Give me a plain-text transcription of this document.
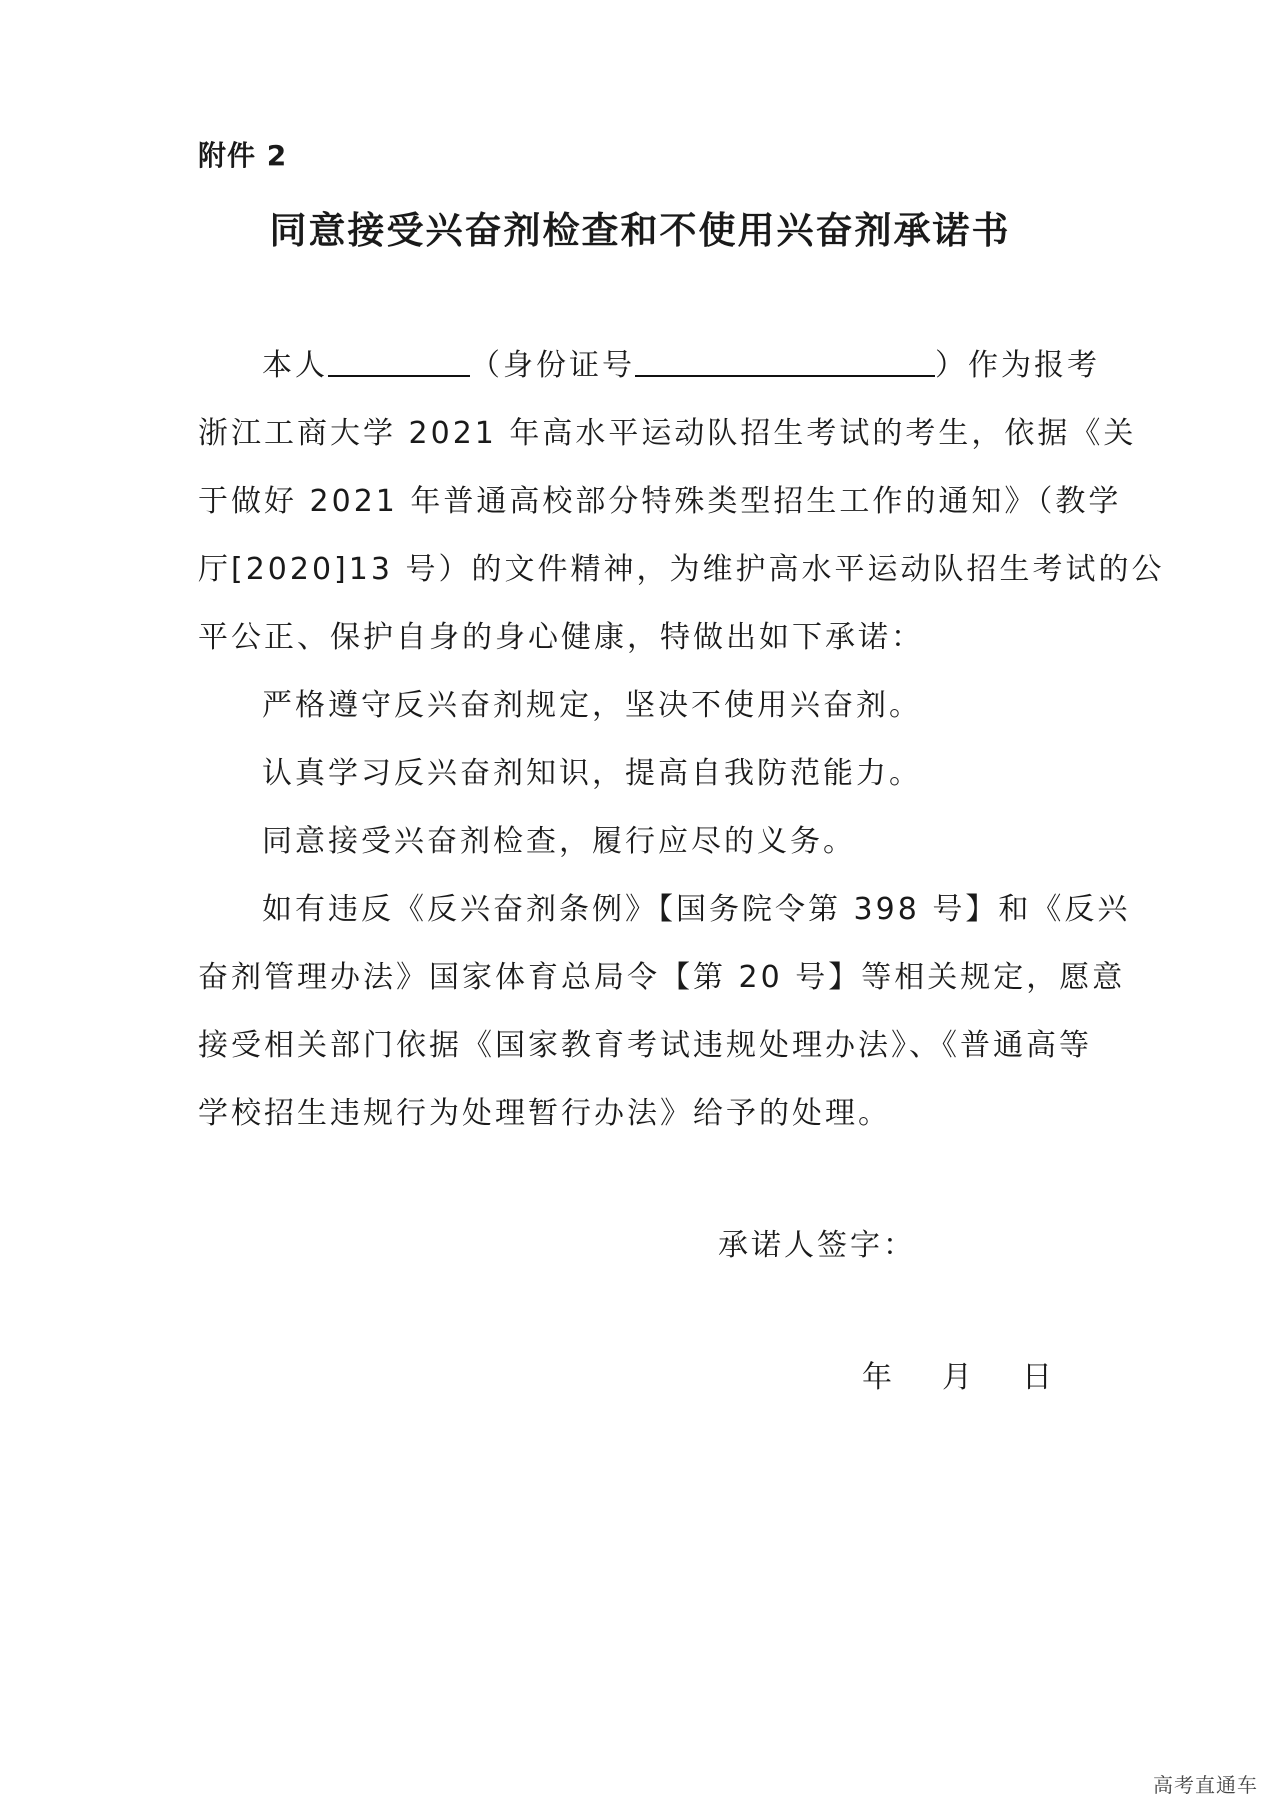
附件 2
同意接受兴奋剂检查和不使用兴奋剂承诺书
本人	（身份证号	）作为报考
浙江工商大学 2021 年高水平运动队招生考试的考生，依据《关
于做好 2021 年普通高校部分特殊类型招生工作的通知》（教学
厅[2020]13 号）的文件精神，为维护高水平运动队招生考试的公
平公正、保护自身的身心健康，特做出如下承诺：
严格遵守反兴奋剂规定，坚决不使用兴奋剂。
认真学习反兴奋剂知识，提高自我防范能力。
同意接受兴奋剂检查，履行应尽的义务。
如有违反《反兴奋剂条例》【国务院令第 398 号】和《反兴
奋剂管理办法》国家体育总局令【第 20 号】等相关规定，愿意
接受相关部门依据《国家教育考试违规处理办法》、《普通高等
学校招生违规行为处理暂行办法》给予的处理。
承诺人签字：
年 月 日
高考直通车
